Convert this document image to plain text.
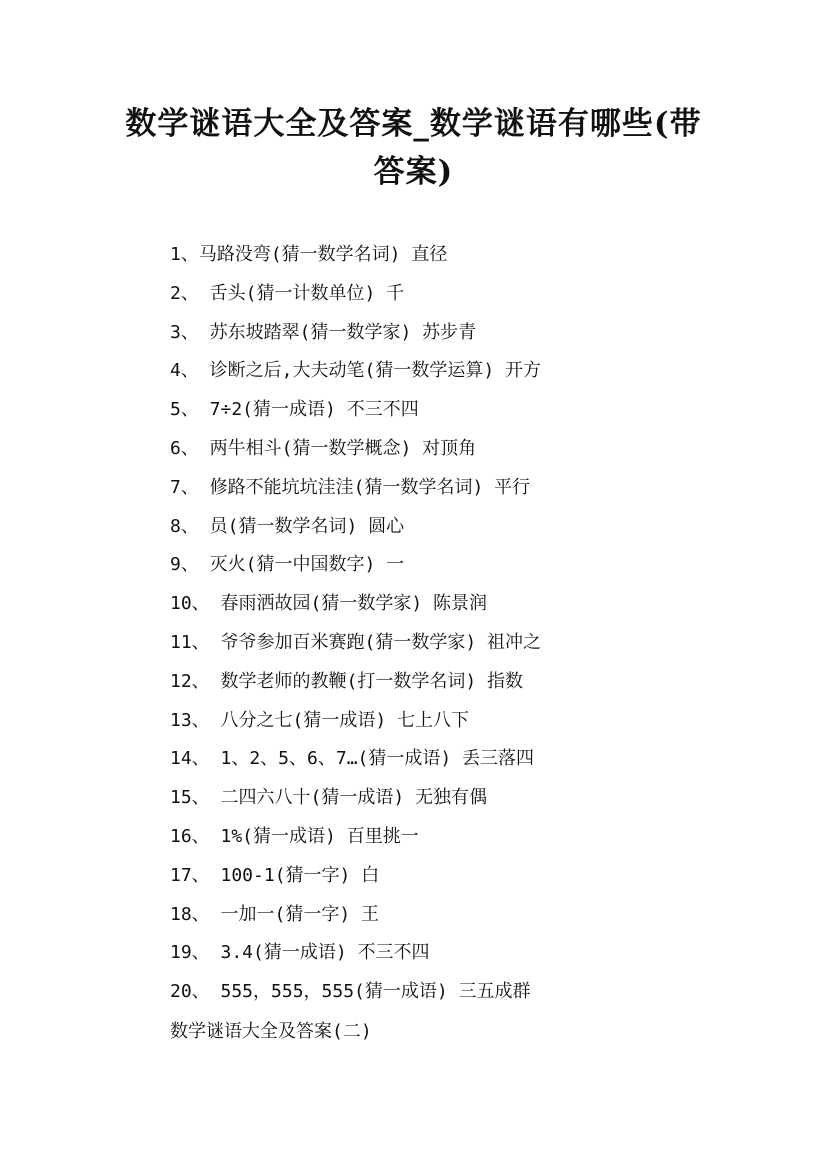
数学谜语大全及答案_数学谜语有哪些(带答案)
1、马路没弯(猜一数学名词) 直径
2、 舌头(猜一计数单位) 千
3、 苏东坡踏翠(猜一数学家) 苏步青
4、 诊断之后,大夫动笔(猜一数学运算) 开方
5、 7÷2(猜一成语) 不三不四
6、 两牛相斗(猜一数学概念) 对顶角
7、 修路不能坑坑洼洼(猜一数学名词) 平行
8、 员(猜一数学名词) 圆心
9、 灭火(猜一中国数字) 一
10、 春雨洒故园(猜一数学家) 陈景润
11、 爷爷参加百米赛跑(猜一数学家) 祖冲之
12、 数学老师的教鞭(打一数学名词) 指数
13、 八分之七(猜一成语) 七上八下
14、 1、2、5、6、7…(猜一成语) 丢三落四
15、 二四六八十(猜一成语) 无独有偶
16、 1%(猜一成语) 百里挑一
17、 100-1(猜一字) 白
18、 一加一(猜一字) 王
19、 3.4(猜一成语) 不三不四
20、 555，555，555(猜一成语) 三五成群
数学谜语大全及答案(二)
